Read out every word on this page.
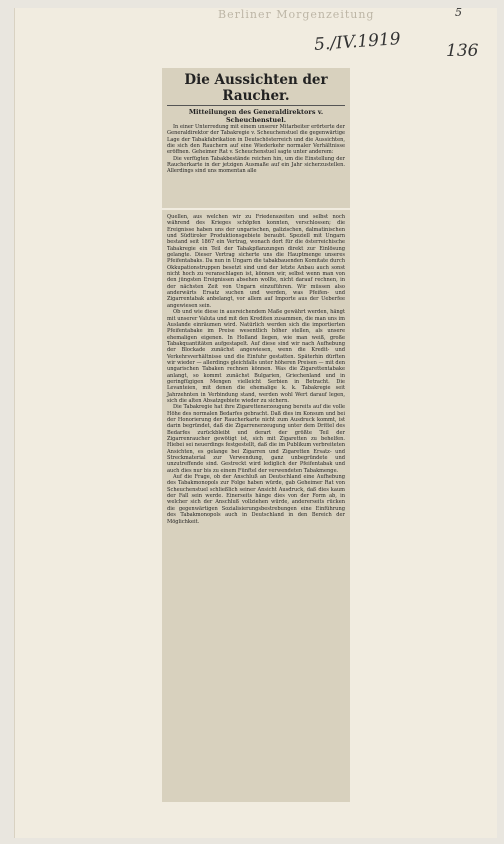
Berliner Morgenzeitung	5
5./IV.1919	136
Die Aussichten der Raucher.
Mitteilungen des Generaldirektors v. Scheuchenstuel.

In einer Unterredung mit einem unserer Mitarbeiter erörterte der Generaldirektor der Tabakregie v. Scheuchenstuel die gegenwärtige Lage der Tabakfabrikation in Deutschösterreich und die Aussichten, die sich den Rauchern auf eine Wiederkehr normaler Verhältnisse eröffnen. Geheimer Rat v. Scheuchenstuel sagte unter anderem:

Die verfügten Tabakbestände reichen hin, um die Einstellung der Raucherkarte in der jetzigen Ausmaße auf ein Jahr sicherzustellen. Allerdings sind uns momentan alle

Quellen, aus welchen wir zu Friedenszeiten und selbst noch während des Krieges schöpfen konnten, verschlossen; die Ereignisse haben uns der ungarischen, galizischen, dalmatinischen und Südtiroler Produktionsgebiete beraubt. Speziell mit Ungarn bestand seit 1867 ein Vertrag, wonach dort für die österreichische Tabakregie ein Teil der Tabakpflanzungen direkt zur Einlösung gelangte. Dieser Vertrag sicherte uns die Hauptmenge unseres Pfeifentabaks. Da nun in Ungarn die tabakbauenden Komitate durch Okkupationstruppen besetzt sind und der letzte Anbau auch sonst nicht hoch zu veranschlagen ist, können wir, selbst wenn man von den jüngsten Ereignissen absehen wollte, nicht darauf rechnen, in der nächsten Zeit von Ungarn einzuführen. Wir müssen also anderwärts Ersatz suchen und werden, was Pfeifen- und Zigarrentabak anbelangt, vor allem auf Importe aus der Ueberfee angewiesen sein.

Ob und wie diese in ausreichendem Maße gewährt werden, hängt mit unserer Valuta und mit den Krediten zusammen, die man uns im Auslande einräumen wird. Natürlich werden sich die importierten Pfeifentabake im Preise wesentlich höher stellen, als unsere ehemaligen eigenen. In Holland liegen, wie man weiß, große Tabakquantitäten aufgestapelt. Auf diese sind wir nach Aufhebung der Blockade zunächst angewiesen, wenn die Kredit- und Verkehrsverhältnisse und die Einfuhr gestatten. Späterhin dürften wir wieder — allerdings gleichfalls unter höheren Preisen — mit den ungarischen Tabaken rechnen können. Was die Zigarettentabake anlangt, so kommt zunächst Bulgarien, Griechenland und in geringfügigen Mengen vielleicht Serbien in Betracht. Die Levanteien, mit denen die ehemalige k. k. Tabakregie seit Jahrzehnten in Verbindung stand, werden wohl Wert darauf legen, sich die alten Absatzgebiete wieder zu sichern.

Die Tabakregie hat ihre Zigarettenerzeugung bereits auf die volle Höhe des normalen Bedarfes gebracht. Daß dies im Konsum und bei der Honorierung der Raucherkarte nicht zum Ausdruck kommt, ist darin begründet, daß die Zigarrenerzeugung unter dem Drittel des Bedarfes zurückbleibt und derart der größte Teil der Zigarrenraucher gewötigt ist, sich mit Zigaretten zu behelfen. Hiebei sei neuerdings festgestellt, daß die im Publikum verbreiteten Ansichten, es gelange bei Zigarren und Zigaretten Ersatz- und Streckmaterial zur Verwendung, ganz unbegründete und unzutreffende sind. Gestreckt wird lediglich der Pfeifentabak und auch dies nur bis zu einem Fünftel der verwendeten Tabakmenge.

Auf die Frage, ob der Anschluß an Deutschland eine Aufhebung des Tabakmonopols zur Folge haben würde, gab Geheimer Rat von Scheuchenstuel schließlich seiner Ansicht Ausdruck, daß dies kaum der Fall sein werde. Einerseits hänge dies von der Form ab, in welcher sich der Anschluß vollziehen würde, andererseits rücken die gegenwärtigen Sozialisierungsbestrebungen eine Einführung des Tabakmonopols auch in Deutschland in den Bereich der Möglichkeit.
